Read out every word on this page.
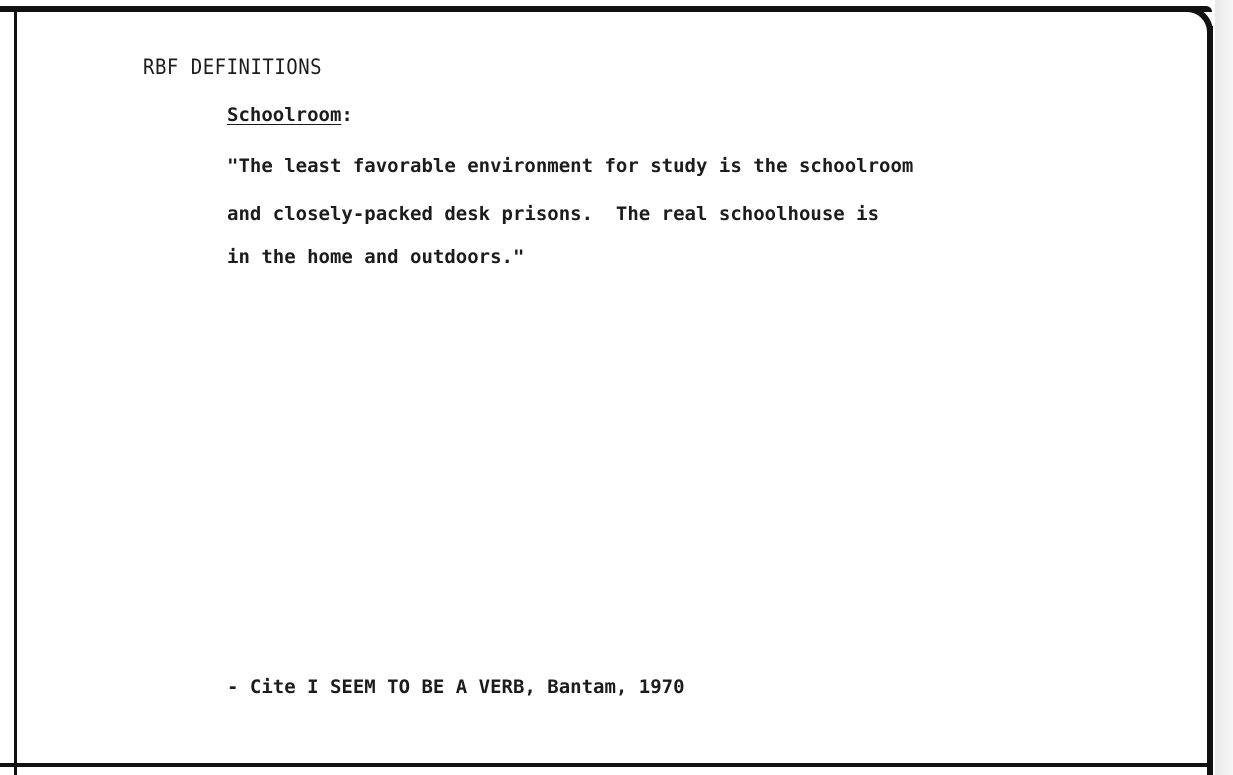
RBF DEFINITIONS
Schoolroom:
"The least favorable environment for study is the schoolroom
and closely-packed desk prisons.  The real schoolhouse is
in the home and outdoors."
- Cite I SEEM TO BE A VERB, Bantam, 1970
